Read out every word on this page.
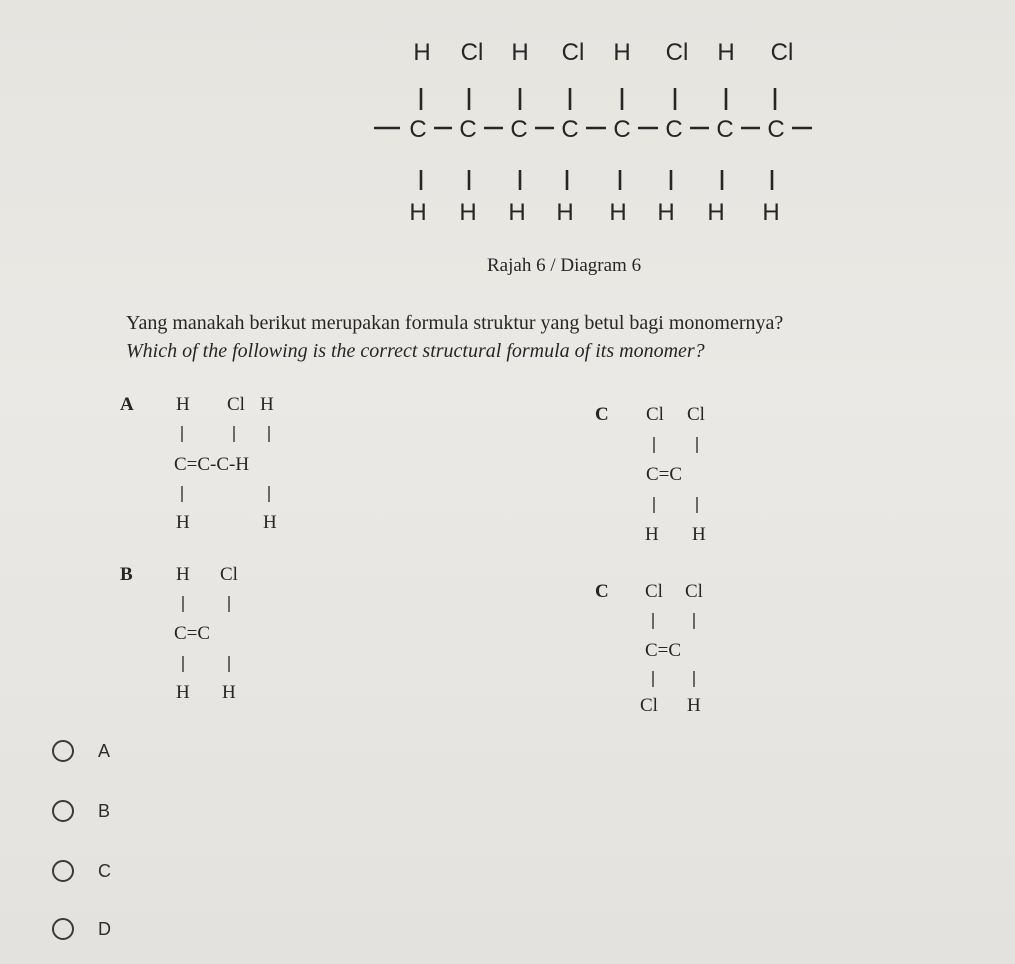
H Cl H Cl H Cl H Cl
C C C C C C C C
H H H H H H H H
Rajah 6 / Diagram 6
Yang manakah berikut merupakan formula struktur yang betul bagi monomernya?
Which of the following is the correct structural formula of its monomer?
A H Cl H
C=C-C-H
H	H
B H Cl
C=C
H H
C Cl Cl
C=C
H H
C Cl Cl
C=C
Cl H
A
B
C
D
